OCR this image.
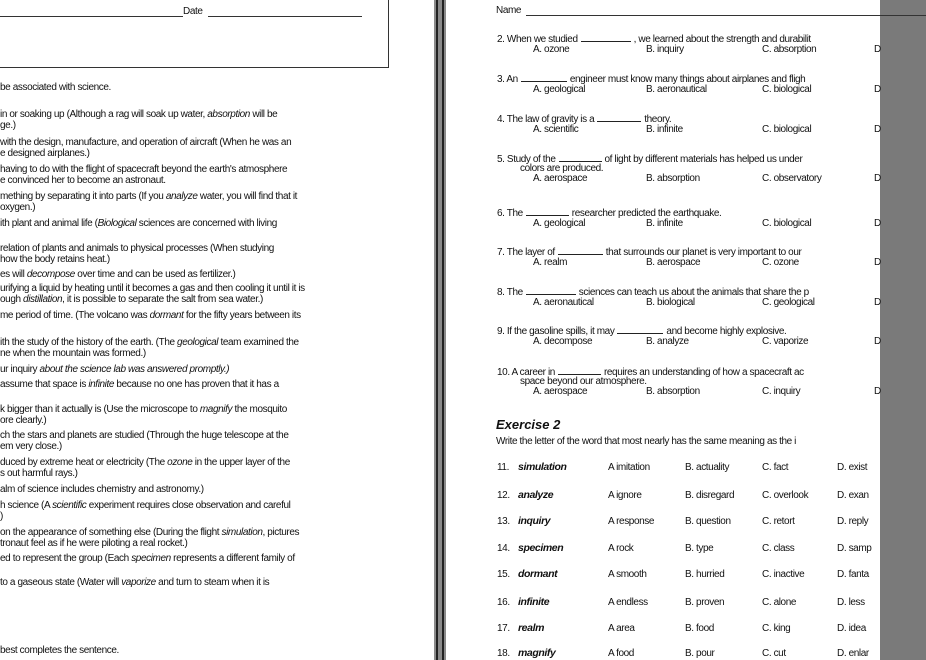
Date
be associated with science.
in or soaking up (Although a rag will soak up water, absorption will be
ge.)
with the design, manufacture, and operation of aircraft (When he was an
e designed airplanes.)
having to do with the flight of spacecraft beyond the earth's atmosphere
e convinced her to become an astronaut.
mething by separating it into parts (If you analyze water, you will find that it
oxygen.)
ith plant and animal life (Biological sciences are concerned with living
relation of plants and animals to physical processes (When studying
how the body retains heat.)
es will decompose over time and can be used as fertilizer.)
urifying a liquid by heating until it becomes a gas and then cooling it until it is
ough distillation, it is possible to separate the salt from sea water.)
me period of time. (The volcano was dormant for the fifty years between its
ith the study of the history of the earth. (The geological team examined the
ne when the mountain was formed.)
ur inquiry about the science lab was answered promptly.)
assume that space is infinite because no one has proven that it has a
k bigger than it actually is (Use the microscope to magnify the mosquito
ore clearly.)
ch the stars and planets are studied (Through the huge telescope at the
em very close.)
duced by extreme heat or electricity (The ozone in the upper layer of the
s out harmful rays.)
alm of science includes chemistry and astronomy.)
h science (A scientific experiment requires close observation and careful
)
on the appearance of something else (During the flight simulation, pictures
tronaut feel as if he were piloting a real rocket.)
ed to represent the group (Each specimen represents a different family of
to a gaseous state (Water will vaporize and turn to steam when it is
best completes the sentence.
Name
2. When we studied	, we learned about the strength and durabilit
A. ozone	B. inquiry	C. absorption	D
3. An	engineer must know many things about airplanes and fligh
A. geological	B. aeronautical	C. biological	D
4. The law of gravity is a	theory.
A. scientific	B. infinite	C. biological	D
5. Study of the	of light by different materials has helped us under
colors are produced.
A. aerospace	B. absorption	C. observatory	D
6. The	researcher predicted the earthquake.
A. geological	B. infinite	C. biological	D
7. The layer of	that surrounds our planet is very important to our
A. realm	B. aerospace	C. ozone	D
8. The	sciences can teach us about the animals that share the p
A. aeronautical	B. biological	C. geological	D
9. If the gasoline spills, it may	and become highly explosive.
A. decompose	B. analyze	C. vaporize	D
10. A career in	requires an understanding of how a spacecraft ac
space beyond our atmosphere.
A. aerospace	B. absorption	C. inquiry	D
Exercise 2
Write the letter of the word that most nearly has the same meaning as the i
11. simulation	A imitation	B. actuality	C. fact	D. exist
12. analyze	A ignore	B. disregard	C. overlook	D. exan
13. inquiry	A response	B. question	C. retort	D. reply
14. specimen	A rock	B. type	C. class	D. samp
15. dormant	A smooth	B. hurried	C. inactive	D. fanta
16. infinite	A endless	B. proven	C. alone	D. less
17. realm	A area	B. food	C. king	D. idea
18. magnify	A food	B. pour	C. cut	D. enlar
